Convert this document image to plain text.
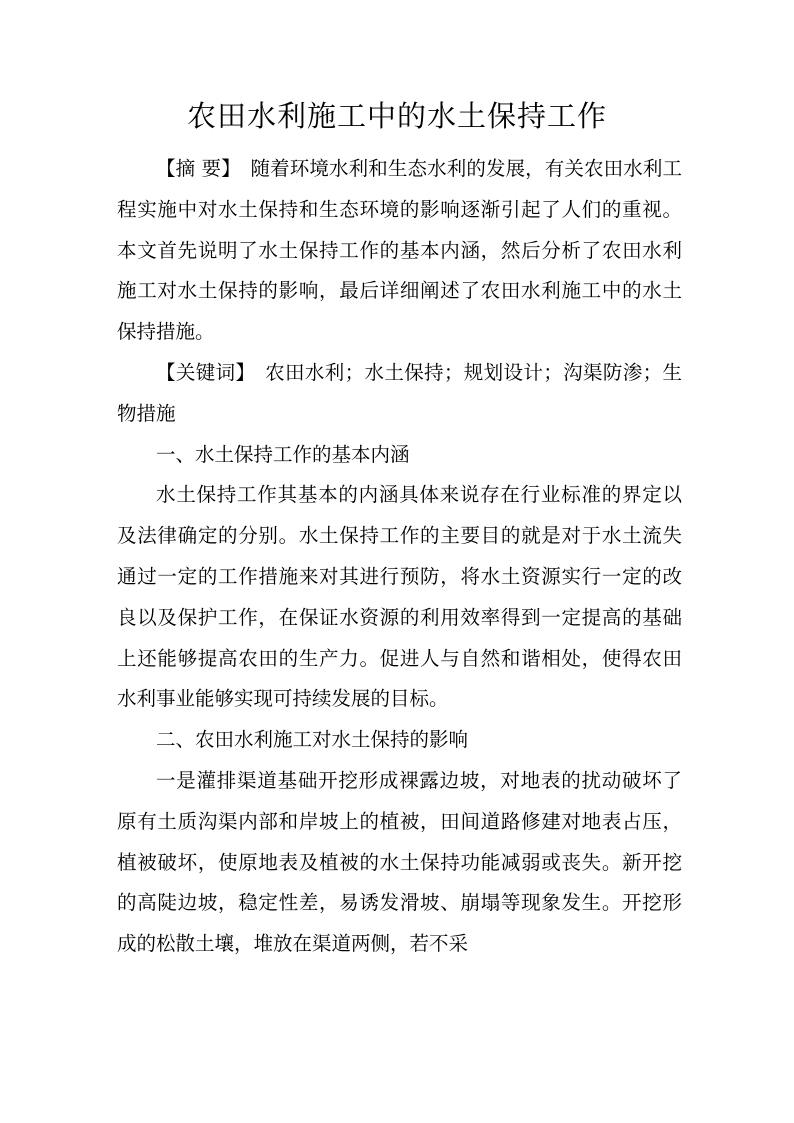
农田水利施工中的水土保持工作

【摘 要】 随着环境水利和生态水利的发展，有关农田水利工程实施中对水土保持和生态环境的影响逐渐引起了人们的重视。本文首先说明了水土保持工作的基本内涵，然后分析了农田水利施工对水土保持的影响，最后详细阐述了农田水利施工中的水土保持措施。

【关键词】 农田水利；水土保持；规划设计；沟渠防渗；生物措施

一、水土保持工作的基本内涵

水土保持工作其基本的内涵具体来说存在行业标准的界定以及法律确定的分别。水土保持工作的主要目的就是对于水土流失通过一定的工作措施来对其进行预防，将水土资源实行一定的改良以及保护工作，在保证水资源的利用效率得到一定提高的基础上还能够提高农田的生产力。促进人与自然和谐相处，使得农田水利事业能够实现可持续发展的目标。

二、农田水利施工对水土保持的影响

一是灌排渠道基础开挖形成裸露边坡，对地表的扰动破坏了原有土质沟渠内部和岸坡上的植被，田间道路修建对地表占压，植被破坏，使原地表及植被的水土保持功能减弱或丧失。新开挖的高陡边坡，稳定性差，易诱发滑坡、崩塌等现象发生。开挖形成的松散土壤，堆放在渠道两侧，若不采
